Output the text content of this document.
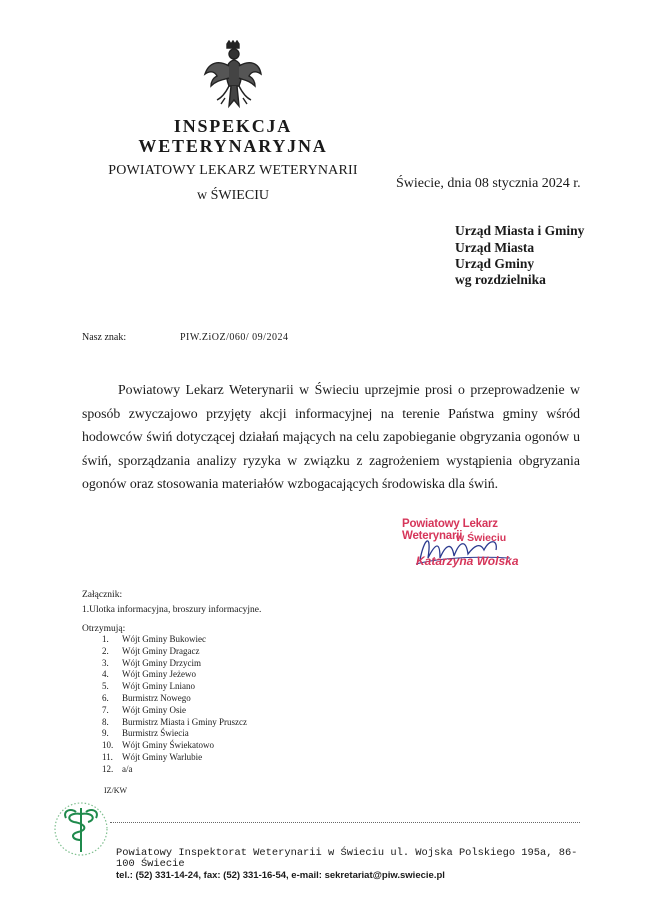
INSPEKCJA
WETERYNARYJNA
POWIATOWY LEKARZ WETERYNARII
w ŚWIECIU
Świecie, dnia 08 stycznia 2024 r.
Urząd Miasta i Gminy
Urząd Miasta
Urząd Gminy
wg rozdzielnika
Nasz znak:	PIW.ZiOZ/060/ 09/2024
Powiatowy Lekarz Weterynarii w Świeciu uprzejmie prosi o przeprowadzenie w sposób zwyczajowo przyjęty akcji informacyjnej na terenie Państwa gminy wśród hodowców świń dotyczącej działań mających na celu zapobieganie obgryzania ogonów u świń, sporządzania analizy ryzyka w związku z zagrożeniem wystąpienia obgryzania ogonów oraz stosowania materiałów wzbogacających środowiska dla świń.
Powiatowy Lekarz Weterynarii
w Świeciu
Katarzyna Wolska
Załącznik:
1.Ulotka informacyjna, broszury informacyjne.
Otrzymują:
1.	Wójt Gminy Bukowiec
2.	Wójt Gminy Dragacz
3.	Wójt Gminy Drzycim
4.	Wójt Gminy Jeżewo
5.	Wójt Gminy Lniano
6.	Burmistrz Nowego
7.	Wójt Gminy Osie
8.	Burmistrz Miasta i Gminy Pruszcz
9.	Burmistrz Świecia
10. Wójt Gminy Świekatowo
11.	Wójt Gminy Warlubie
12. a/a
IZ/KW
Powiatowy Inspektorat Weterynarii w Świeciu ul. Wojska Polskiego 195a, 86-100 Świecie
tel.: (52) 331-14-24, fax: (52) 331-16-54, e-mail: sekretariat@piw.swiecie.pl
